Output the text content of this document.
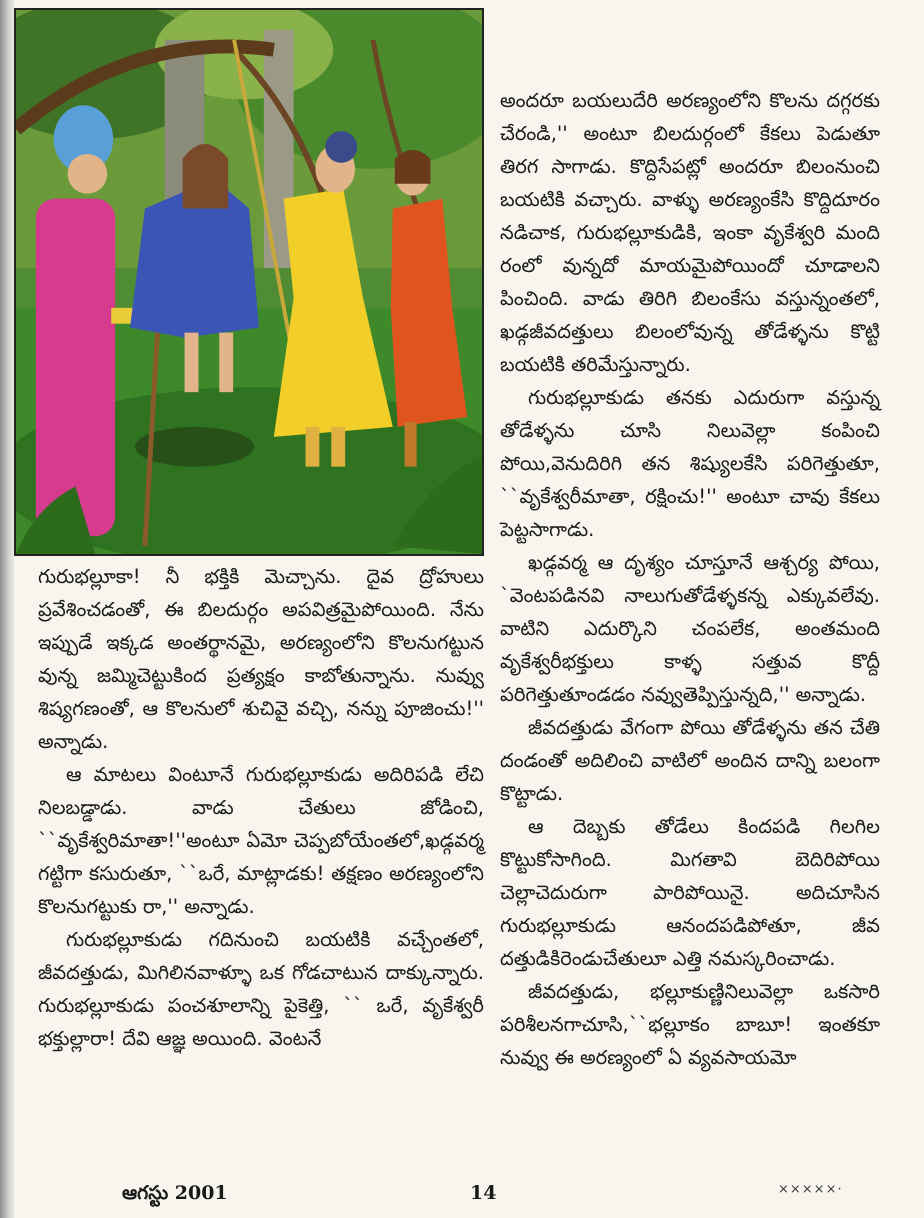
గురుభల్లూకా! నీ భక్తికి మెచ్చాను. దైవ ద్రోహులు ప్రవేశించడంతో, ఈ బిలదుర్గం అపవిత్రమైపోయింది. నేను ఇప్పుడే ఇక్కడ అంతర్థానమై, అరణ్యంలోని కొలనుగట్టున వున్న జమ్మిచెట్టుకింద ప్రత్యక్షం కాబోతున్నాను. నువ్వు శిష్యగణంతో, ఆ కొలనులో శుచివై వచ్చి, నన్ను పూజించు!'' అన్నాడు.

ఆ మాటలు వింటూనే గురుభల్లూకుడు అదిరిపడి లేచి నిలబడ్డాడు. వాడు చేతులు జోడించి, ``వృకేశ్వరిమాతా!''అంటూ ఏమో చెప్పబోయేంతలో,ఖడ్గవర్మ గట్టిగా కసురుతూ, ``ఒరే, మాట్లాడకు! తక్షణం అరణ్యంలోని కొలనుగట్టుకు రా,'' అన్నాడు.

గురుభల్లూకుడు గదినుంచి బయటికి వచ్చేంతలో, జీవదత్తుడు, మిగిలినవాళ్ళూ ఒక గోడచాటున దాక్కున్నారు. గురుభల్లూకుడు పంచశూలాన్ని పైకెత్తి, `` ఒరే, వృకేశ్వరీ భక్తుల్లారా! దేవి ఆజ్ఞ అయింది. వెంటనే

అందరూ బయలుదేరి అరణ్యంలోని కొలను దగ్గరకు చేరండి,'' అంటూ బిలదుర్గంలో కేకలు పెడుతూ తిరగ సాగాడు. కొద్దిసేపట్లో అందరూ బిలంనుంచి బయటికి వచ్చారు. వాళ్ళు అరణ్యంకేసి కొద్దిదూరం నడిచాక, గురుభల్లూకుడికి, ఇంకా వృకేశ్వరి మంది రంలో వున్నదో మాయమైపోయిందో చూడాలని పించింది. వాడు తిరిగి బిలంకేసు వస్తున్నంతలో, ఖడ్గజీవదత్తులు బిలంలోవున్న తోడేళ్ళను కొట్టి బయటికి తరిమేస్తున్నారు.

గురుభల్లూకుడు తనకు ఎదురుగా వస్తున్న తోడేళ్ళను చూసి నిలువెల్లా కంపించి పోయి,వెనుదిరిగి తన శిష్యులకేసి పరిగెత్తుతూ, ``వృకేశ్వరీమాతా, రక్షించు!'' అంటూ చావు కేకలు పెట్టసాగాడు.

ఖడ్గవర్మ ఆ దృశ్యం చూస్తూనే ఆశ్చర్య పోయి, `వెంటపడినవి నాలుగుతోడేళ్ళకన్న ఎక్కువలేవు. వాటిని ఎదుర్కొని చంపలేక, అంతమంది వృకేశ్వరీభక్తులు కాళ్ళ సత్తువ కొద్దీ పరిగెత్తుతూండడం నవ్వుతెప్పిస్తున్నది,'' అన్నాడు.

జీవదత్తుడు వేగంగా పోయి తోడేళ్ళను తన చేతి దండంతో అదిలించి వాటిలో అందిన దాన్ని బలంగా కొట్టాడు.

ఆ దెబ్బకు తోడేలు కిందపడి గిలగిల కొట్టుకోసాగింది. మిగతావి బెదిరిపోయి చెల్లాచెదురుగా పారిపోయినై. అదిచూసిన గురుభల్లూకుడు ఆనందపడిపోతూ, జీవ దత్తుడికిరెండుచేతులూ ఎత్తి నమస్కరించాడు.

జీవదత్తుడు, భల్లూకుణ్ణినిలువెల్లా ఒకసారి పరిశీలనగాచూసి,``భల్లూకం బాబూ! ఇంతకూ నువ్వు ఈ అరణ్యంలో ఏ వ్యవసాయమో

ఆగస్టు 2001	14	×××××·
